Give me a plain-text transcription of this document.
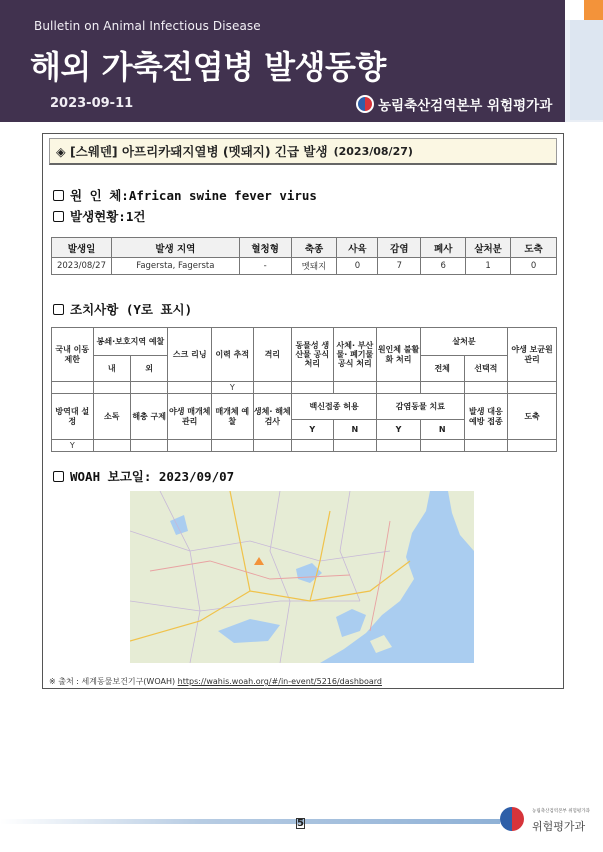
Bulletin on Animal Infectious Disease
해외 가축전염병 발생동향
2023-09-11	농림축산검역본부 위험평가과
◈ [스웨덴] 아프리카돼지열병 (멧돼지) 긴급 발생 (2023/08/27)
원 인 체: African swine fever virus
발생현황: 1건
발생일	발생 지역	혈청형	축종	사육	감염	폐사	살처분	도축
2023/08/27	Fagersta, Fagersta	-	멧돼지	0	7	6	1	0
조치사항 (Y로 표시)
국내 이동 제한	봉쇄·보호지역 예찰		스크 리닝	이력 추적	격리	동물성 생산물 공식 처리	사체· 부산물· 폐기물 공식 처리	원인체 불활화 처리	살처분		야생 보균원 관리
	내	외							전체	선택적	
				Y							
방역대 설정	소독	해충 구제	야생 매개체 관리	매개체 예찰	생체· 해체 검사	백신접종 허용		감염동물 치료		발생 대응 예방 접종	도축
						Y	N	Y	N		
Y											
WOAH 보고일: 2023/09/07
※ 출처 : 세계동물보건기구(WOAH) https://wahis.woah.org/#/in-event/5216/dashboard
5
농림축산검역본부 위험평가과
위험평가과
